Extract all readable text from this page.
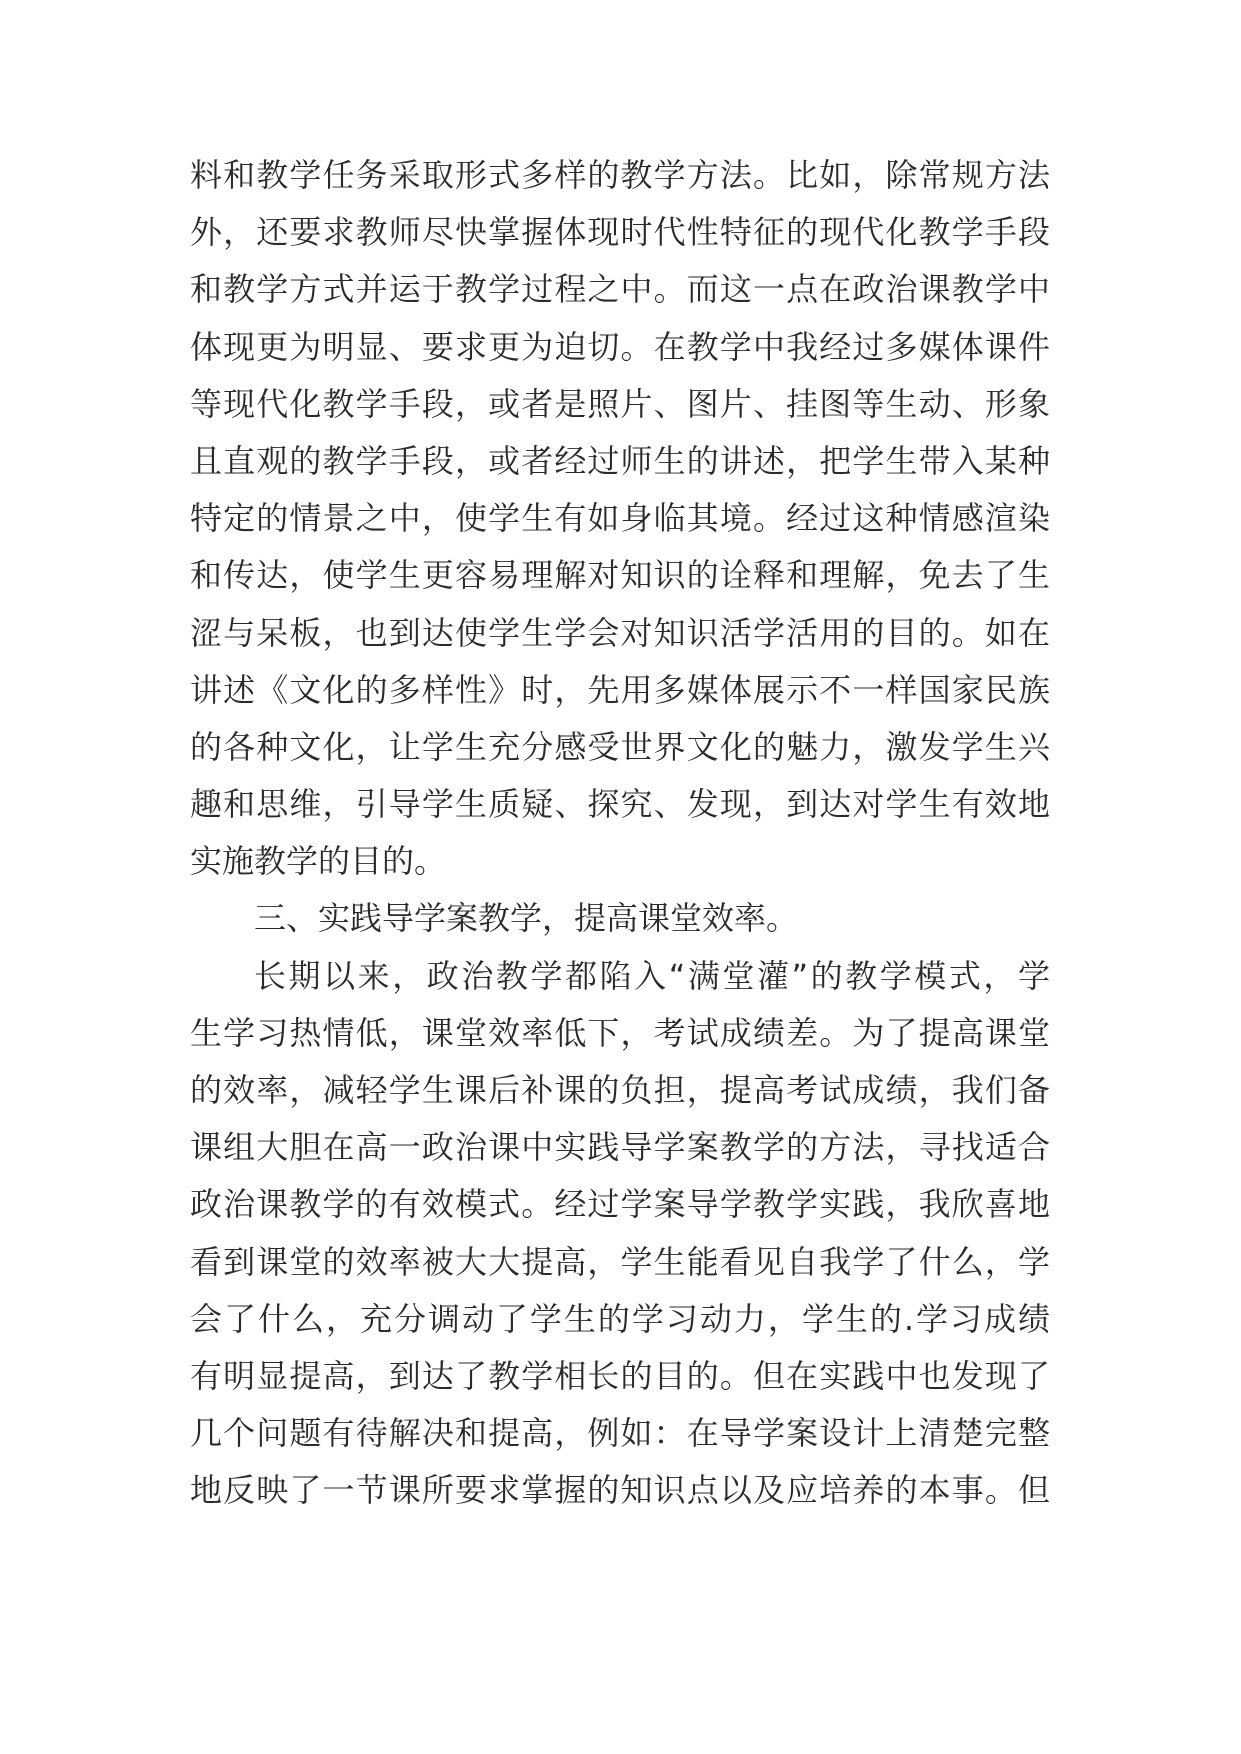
料和教学任务采取形式多样的教学方法。比如，除常规方法
外，还要求教师尽快掌握体现时代性特征的现代化教学手段
和教学方式并运于教学过程之中。而这一点在政治课教学中
体现更为明显、要求更为迫切。在教学中我经过多媒体课件
等现代化教学手段，或者是照片、图片、挂图等生动、形象
且直观的教学手段，或者经过师生的讲述，把学生带入某种
特定的情景之中，使学生有如身临其境。经过这种情感渲染
和传达，使学生更容易理解对知识的诠释和理解，免去了生
涩与呆板，也到达使学生学会对知识活学活用的目的。如在
讲述《文化的多样性》时，先用多媒体展示不一样国家民族
的各种文化，让学生充分感受世界文化的魅力，激发学生兴
趣和思维，引导学生质疑、探究、发现，到达对学生有效地
实施教学的目的。
三、实践导学案教学，提高课堂效率。
长期以来，政治教学都陷入“满堂灌”的教学模式，学
生学习热情低，课堂效率低下，考试成绩差。为了提高课堂
的效率，减轻学生课后补课的负担，提高考试成绩，我们备
课组大胆在高一政治课中实践导学案教学的方法，寻找适合
政治课教学的有效模式。经过学案导学教学实践，我欣喜地
看到课堂的效率被大大提高，学生能看见自我学了什么，学
会了什么，充分调动了学生的学习动力，学生的.学习成绩
有明显提高，到达了教学相长的目的。但在实践中也发现了
几个问题有待解决和提高，例如：在导学案设计上清楚完整
地反映了一节课所要求掌握的知识点以及应培养的本事。但
